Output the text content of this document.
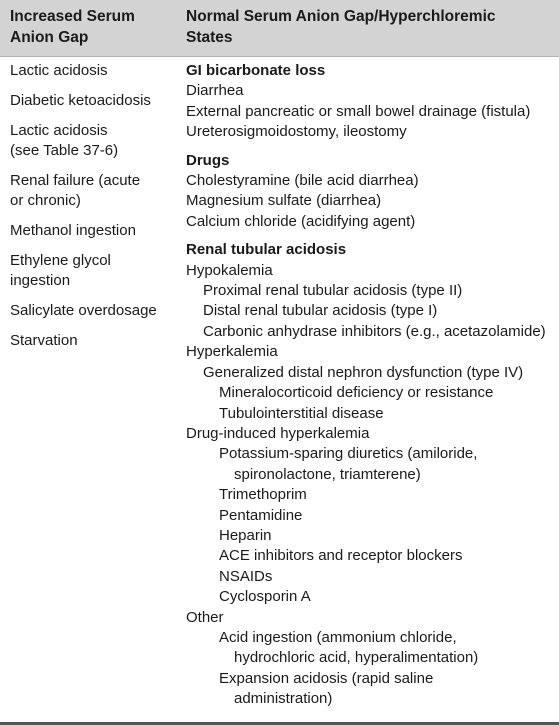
Increased Serum
Anion Gap
Normal Serum Anion Gap/Hyperchloremic
States
Lactic acidosis
Diabetic ketoacidosis
Lactic acidosis
(see Table 37-6)
Renal failure (acute
or chronic)
Methanol ingestion
Ethylene glycol
ingestion
Salicylate overdosage
Starvation
GI bicarbonate loss
Diarrhea
External pancreatic or small bowel drainage (fistula)
Ureterosigmoidostomy, ileostomy
Drugs
Cholestyramine (bile acid diarrhea)
Magnesium sulfate (diarrhea)
Calcium chloride (acidifying agent)
Renal tubular acidosis
Hypokalemia
Proximal renal tubular acidosis (type II)
Distal renal tubular acidosis (type I)
Carbonic anhydrase inhibitors (e.g., acetazolamide)
Hyperkalemia
Generalized distal nephron dysfunction (type IV)
Mineralocorticoid deficiency or resistance
Tubulointerstitial disease
Drug-induced hyperkalemia
Potassium-sparing diuretics (amiloride,
spironolactone, triamterene)
Trimethoprim
Pentamidine
Heparin
ACE inhibitors and receptor blockers
NSAIDs
Cyclosporin A
Other
Acid ingestion (ammonium chloride,
hydrochloric acid, hyperalimentation)
Expansion acidosis (rapid saline
administration)
